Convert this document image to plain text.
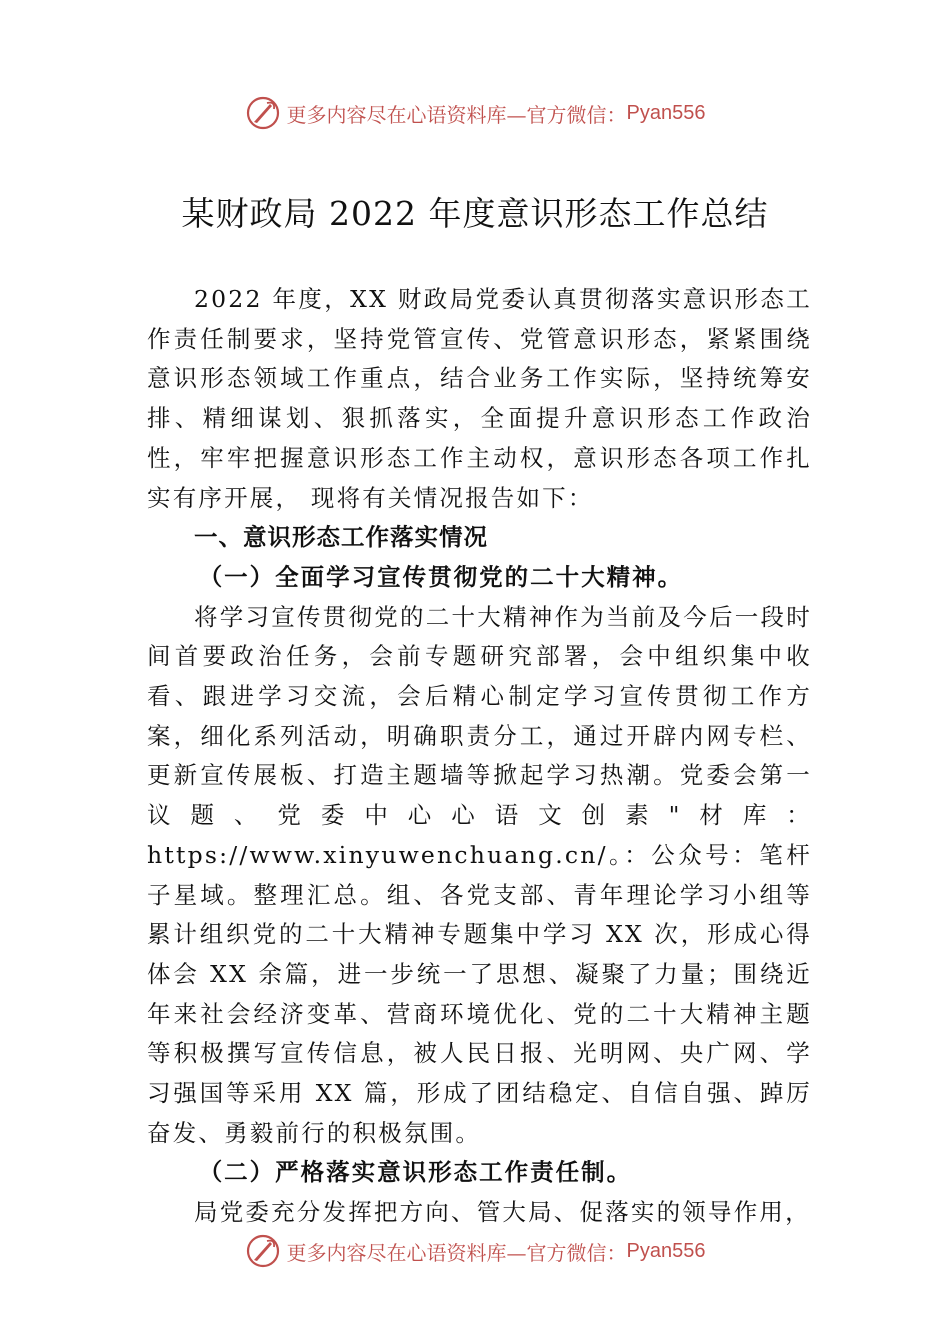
更多内容尽在心语资料库—官方微信： Pyan556
某财政局 2022 年度意识形态工作总结

2022 年度，XX 财政局党委认真贯彻落实意识形态工作责任制要求，坚持党管宣传、党管意识形态，紧紧围绕意识形态领域工作重点，结合业务工作实际，坚持统筹安排、精细谋划、狠抓落实，全面提升意识形态工作政治性，牢牢把握意识形态工作主动权，意识形态各项工作扎实有序开展， 现将有关情况报告如下：

一、意识形态工作落实情况

（一）全面学习宣传贯彻党的二十大精神。

将学习宣传贯彻党的二十大精神作为当前及今后一段时间首要政治任务，会前专题研究部署，会中组织集中收看、跟进学习交流，会后精心制定学习宣传贯彻工作方案，细化系列活动，明确职责分工，通过开辟内网专栏、更新宣传展板、打造主题墙等掀起学习热潮。党委会第一议题、党委中心心语文创素"材库：https://www.xinyuwenchuang.cn/。：公众号：笔杆子星域。整理汇总。组、各党支部、青年理论学习小组等累计组织党的二十大精神专题集中学习 XX 次，形成心得体会 XX 余篇，进一步统一了思想、凝聚了力量；围绕近年来社会经济变革、营商环境优化、党的二十大精神主题等积极撰写宣传信息，被人民日报、光明网、央广网、学习强国等采用 XX 篇，形成了团结稳定、自信自强、踔厉奋发、勇毅前行的积极氛围。

（二）严格落实意识形态工作责任制。

局党委充分发挥把方向、管大局、促落实的领导作用，

更多内容尽在心语资料库—官方微信： Pyan556
